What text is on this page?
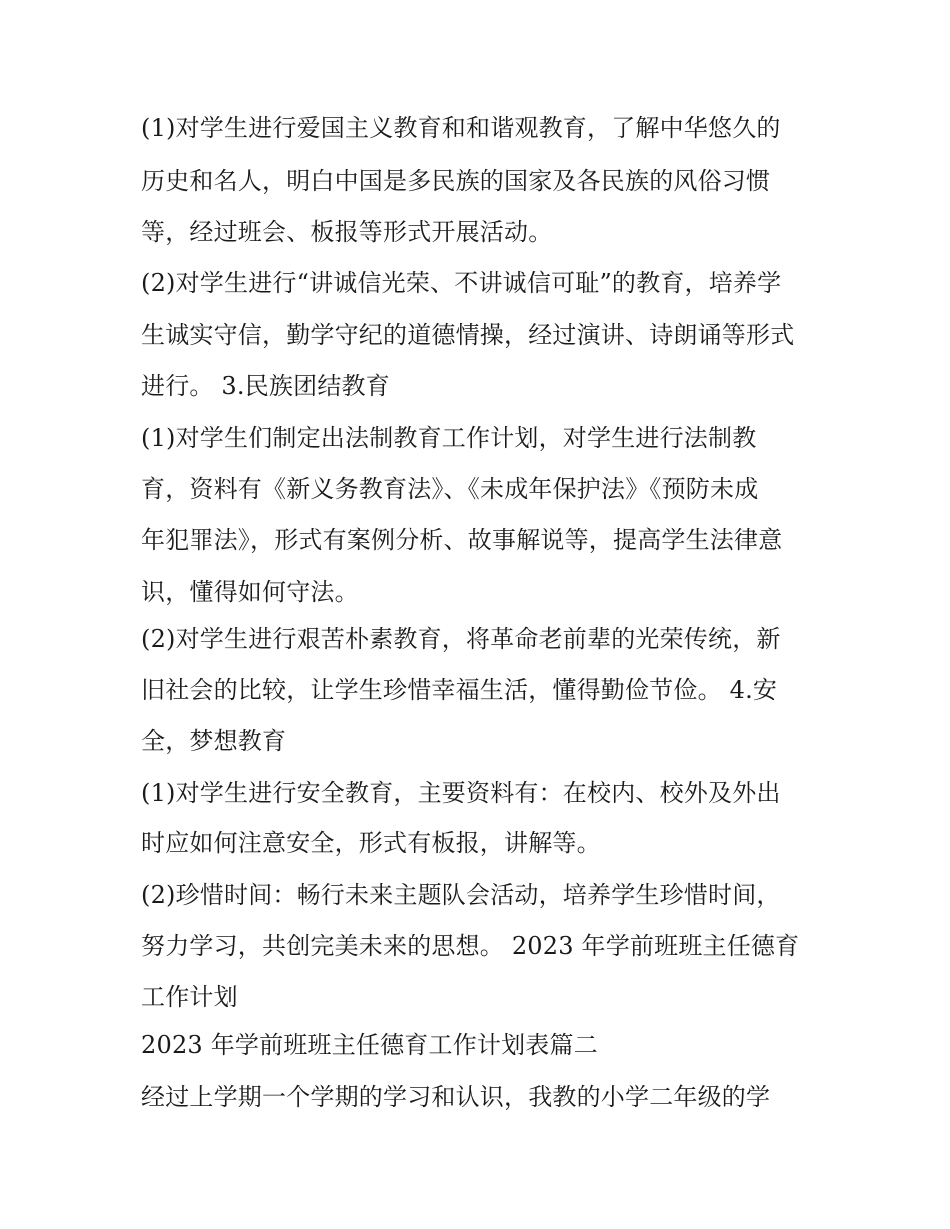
(1)对学生进行爱国主义教育和和谐观教育，了解中华悠久的
历史和名人，明白中国是多民族的国家及各民族的风俗习惯
等，经过班会、板报等形式开展活动。
(2)对学生进行“讲诚信光荣、不讲诚信可耻”的教育，培养学
生诚实守信，勤学守纪的道德情操，经过演讲、诗朗诵等形式
进行。 3.民族团结教育
(1)对学生们制定出法制教育工作计划，对学生进行法制教
育，资料有《新义务教育法》、《未成年保护法》《预防未成
年犯罪法》，形式有案例分析、故事解说等，提高学生法律意
识，懂得如何守法。
(2)对学生进行艰苦朴素教育，将革命老前辈的光荣传统，新
旧社会的比较，让学生珍惜幸福生活，懂得勤俭节俭。 4.安
全，梦想教育
(1)对学生进行安全教育，主要资料有：在校内、校外及外出
时应如何注意安全，形式有板报，讲解等。
(2)珍惜时间：畅行未来主题队会活动，培养学生珍惜时间，
努力学习，共创完美未来的思想。 2023 年学前班班主任德育
工作计划
2023 年学前班班主任德育工作计划表篇二
经过上学期一个学期的学习和认识，我教的小学二年级的学
